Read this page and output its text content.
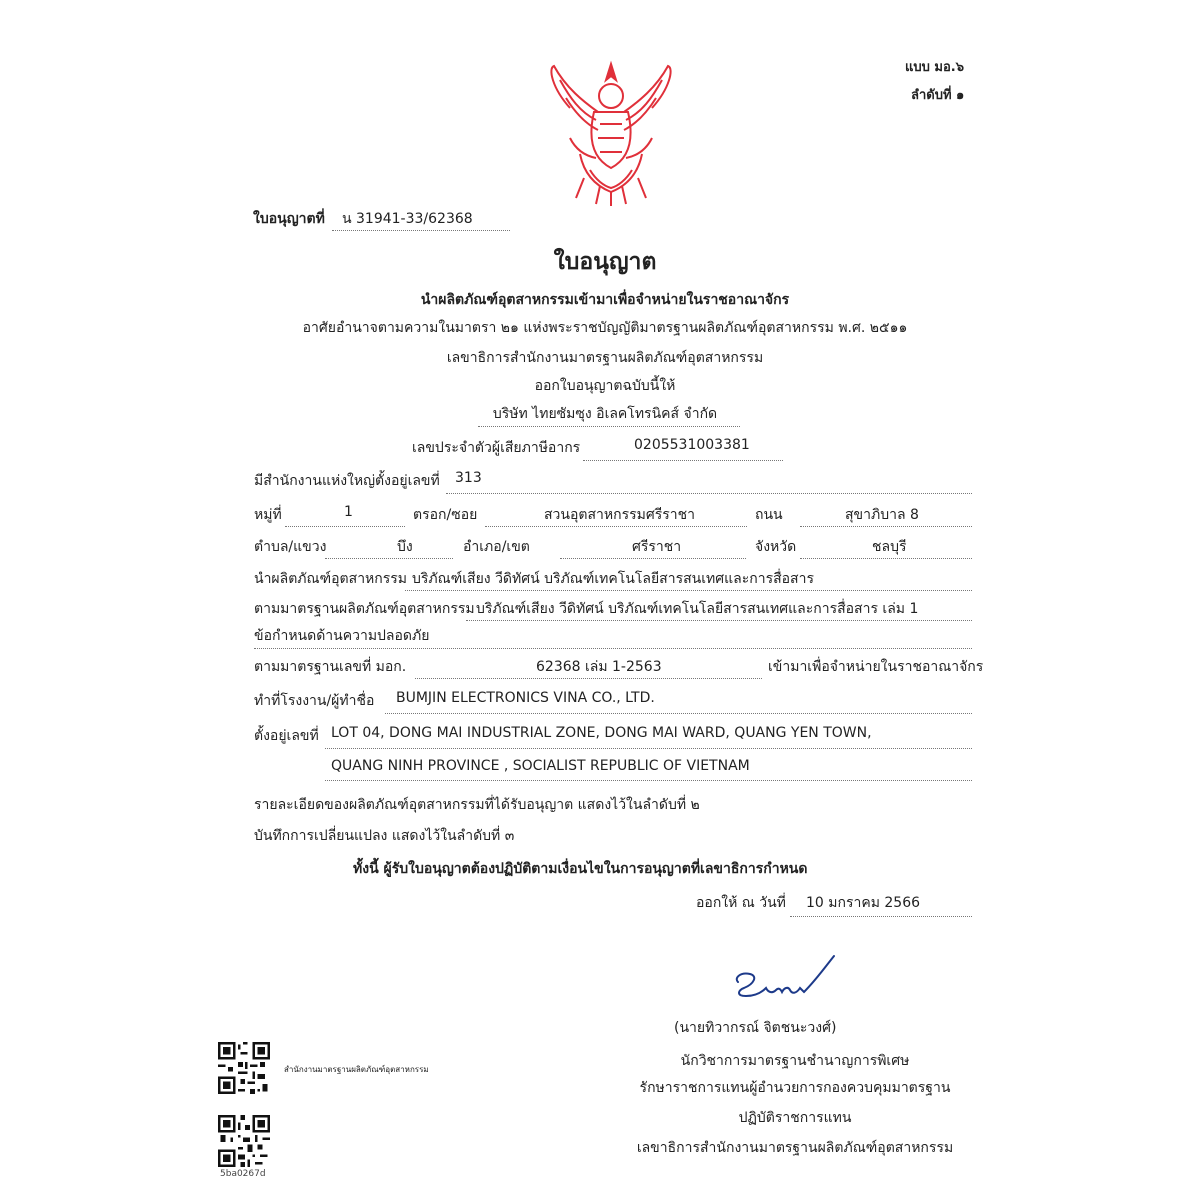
แบบ มอ.๖
ลำดับที่ ๑
ใบอนุญาตที่ น 31941-33/62368
ใบอนุญาต
นำผลิตภัณฑ์อุตสาหกรรมเข้ามาเพื่อจำหน่ายในราชอาณาจักร
อาศัยอำนาจตามความในมาตรา ๒๑ แห่งพระราชบัญญัติมาตรฐานผลิตภัณฑ์อุตสาหกรรม พ.ศ. ๒๕๑๑
เลขาธิการสำนักงานมาตรฐานผลิตภัณฑ์อุตสาหกรรม
ออกใบอนุญาตฉบับนี้ให้
บริษัท ไทยซัมซุง อิเลคโทรนิคส์ จำกัด
เลขประจำตัวผู้เสียภาษีอากร	0205531003381
มีสำนักงานแห่งใหญ่ตั้งอยู่เลขที่ 313
หมู่ที่	1	ตรอก/ซอย	สวนอุตสาหกรรมศรีราชา	ถนน	สุขาภิบาล 8
ตำบล/แขวง	บึง	อำเภอ/เขต	ศรีราชา	จังหวัด	ชลบุรี
นำผลิตภัณฑ์อุตสาหกรรม บริภัณฑ์เสียง วีดิทัศน์ บริภัณฑ์เทคโนโลยีสารสนเทศและการสื่อสาร
ตามมาตรฐานผลิตภัณฑ์อุตสาหกรรม บริภัณฑ์เสียง วีดิทัศน์ บริภัณฑ์เทคโนโลยีสารสนเทศและการสื่อสาร เล่ม 1
ข้อกำหนดด้านความปลอดภัย
ตามมาตรฐานเลขที่ มอก.	62368 เล่ม 1-2563	เข้ามาเพื่อจำหน่ายในราชอาณาจักร
ทำที่โรงงาน/ผู้ทำชื่อ BUMJIN ELECTRONICS VINA CO., LTD.
ตั้งอยู่เลขที่ LOT 04, DONG MAI INDUSTRIAL ZONE, DONG MAI WARD, QUANG YEN TOWN,
QUANG NINH PROVINCE , SOCIALIST REPUBLIC OF VIETNAM
รายละเอียดของผลิตภัณฑ์อุตสาหกรรมที่ได้รับอนุญาต แสดงไว้ในลำดับที่ ๒
บันทึกการเปลี่ยนแปลง แสดงไว้ในลำดับที่ ๓
ทั้งนี้ ผู้รับใบอนุญาตต้องปฏิบัติตามเงื่อนไขในการอนุญาตที่เลขาธิการกำหนด
ออกให้ ณ วันที่ 10 มกราคม 2566
(นายทิวากรณ์ จิตชนะวงศ์)
นักวิชาการมาตรฐานชำนาญการพิเศษ
รักษาราชการแทนผู้อำนวยการกองควบคุมมาตรฐาน
ปฏิบัติราชการแทน
เลขาธิการสำนักงานมาตรฐานผลิตภัณฑ์อุตสาหกรรม
สำนักงานมาตรฐานผลิตภัณฑ์อุตสาหกรรม
5ba0267d
